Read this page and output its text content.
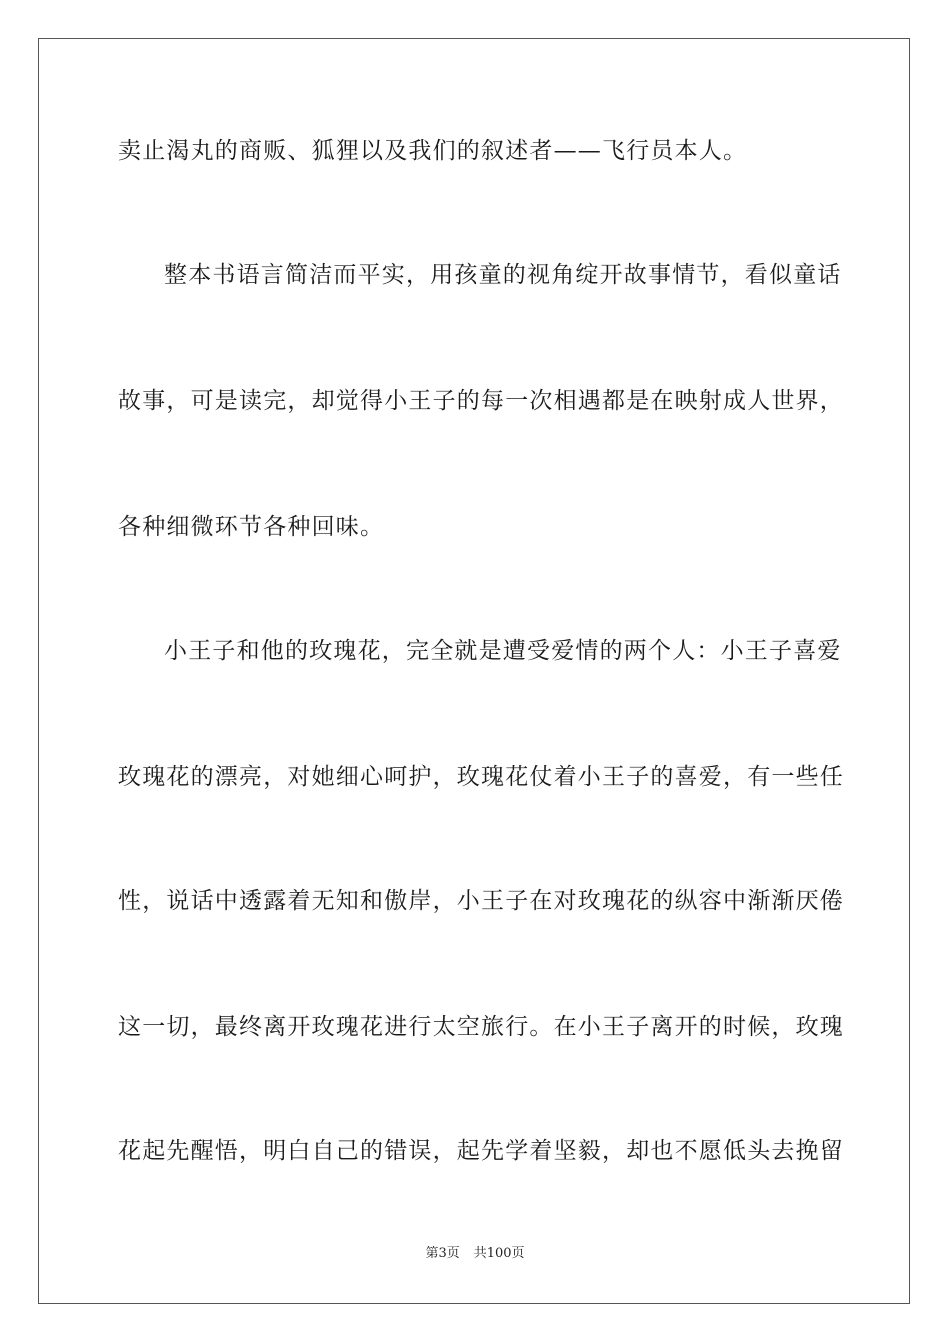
卖止渴丸的商贩、狐狸以及我们的叙述者——飞行员本人。

整本书语言简洁而平实，用孩童的视角绽开故事情节，看似童话

故事，可是读完，却觉得小王子的每一次相遇都是在映射成人世界，

各种细微环节各种回味。

小王子和他的玫瑰花，完全就是遭受爱情的两个人：小王子喜爱

玫瑰花的漂亮，对她细心呵护，玫瑰花仗着小王子的喜爱，有一些任

性，说话中透露着无知和傲岸，小王子在对玫瑰花的纵容中渐渐厌倦

这一切，最终离开玫瑰花进行太空旅行。在小王子离开的时候，玫瑰

花起先醒悟，明白自己的错误，起先学着坚毅，却也不愿低头去挽留

第3页 共100页
